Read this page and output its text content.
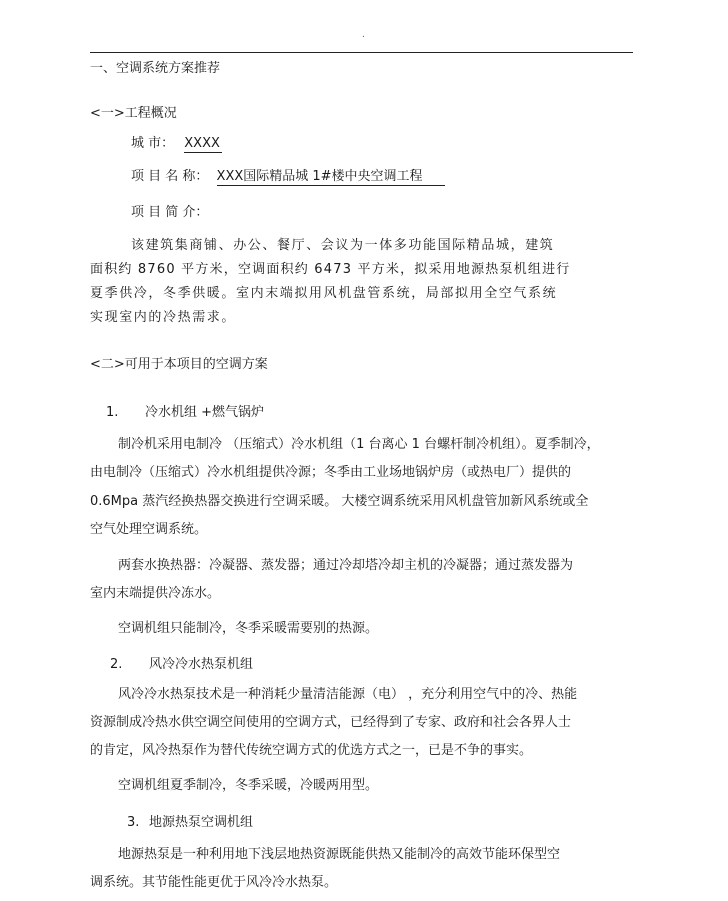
.
一、空调系统方案推荐
<一>工程概况
城 市： XXXX
项 目 名 称： XXX国际精品城 1#楼中央空调工程
项 目 简 介：
该建筑集商铺、办公、餐厅、会议为一体多功能国际精品城，建筑
面积约 8760 平方米，空调面积约 6473 平方米，拟采用地源热泵机组进行
夏季供冷，冬季供暖。室内末端拟用风机盘管系统，局部拟用全空气系统
实现室内的冷热需求。
<二>可用于本项目的空调方案
1. 冷水机组 +燃气锅炉
制冷机采用电制冷 （压缩式）冷水机组（1 台离心 1 台螺杆制冷机组）。夏季制冷，
由电制冷（压缩式）冷水机组提供冷源；冬季由工业场地锅炉房（或热电厂）提供的
0.6Mpa 蒸汽经换热器交换进行空调采暖。 大楼空调系统采用风机盘管加新风系统或全
空气处理空调系统。
两套水换热器：冷凝器、蒸发器；通过冷却塔冷却主机的冷凝器；通过蒸发器为
室内末端提供冷冻水。
空调机组只能制冷，冬季采暖需要别的热源。
2. 风冷冷水热泵机组
风冷冷水热泵技术是一种消耗少量清洁能源（电） ，充分利用空气中的冷、热能
资源制成冷热水供空调空间使用的空调方式，已经得到了专家、政府和社会各界人士
的肯定，风冷热泵作为替代传统空调方式的优选方式之一，已是不争的事实。
空调机组夏季制冷，冬季采暖，冷暖两用型。
3. 地源热泵空调机组
地源热泵是一种利用地下浅层地热资源既能供热又能制冷的高效节能环保型空
调系统。其节能性能更优于风冷冷水热泵。
